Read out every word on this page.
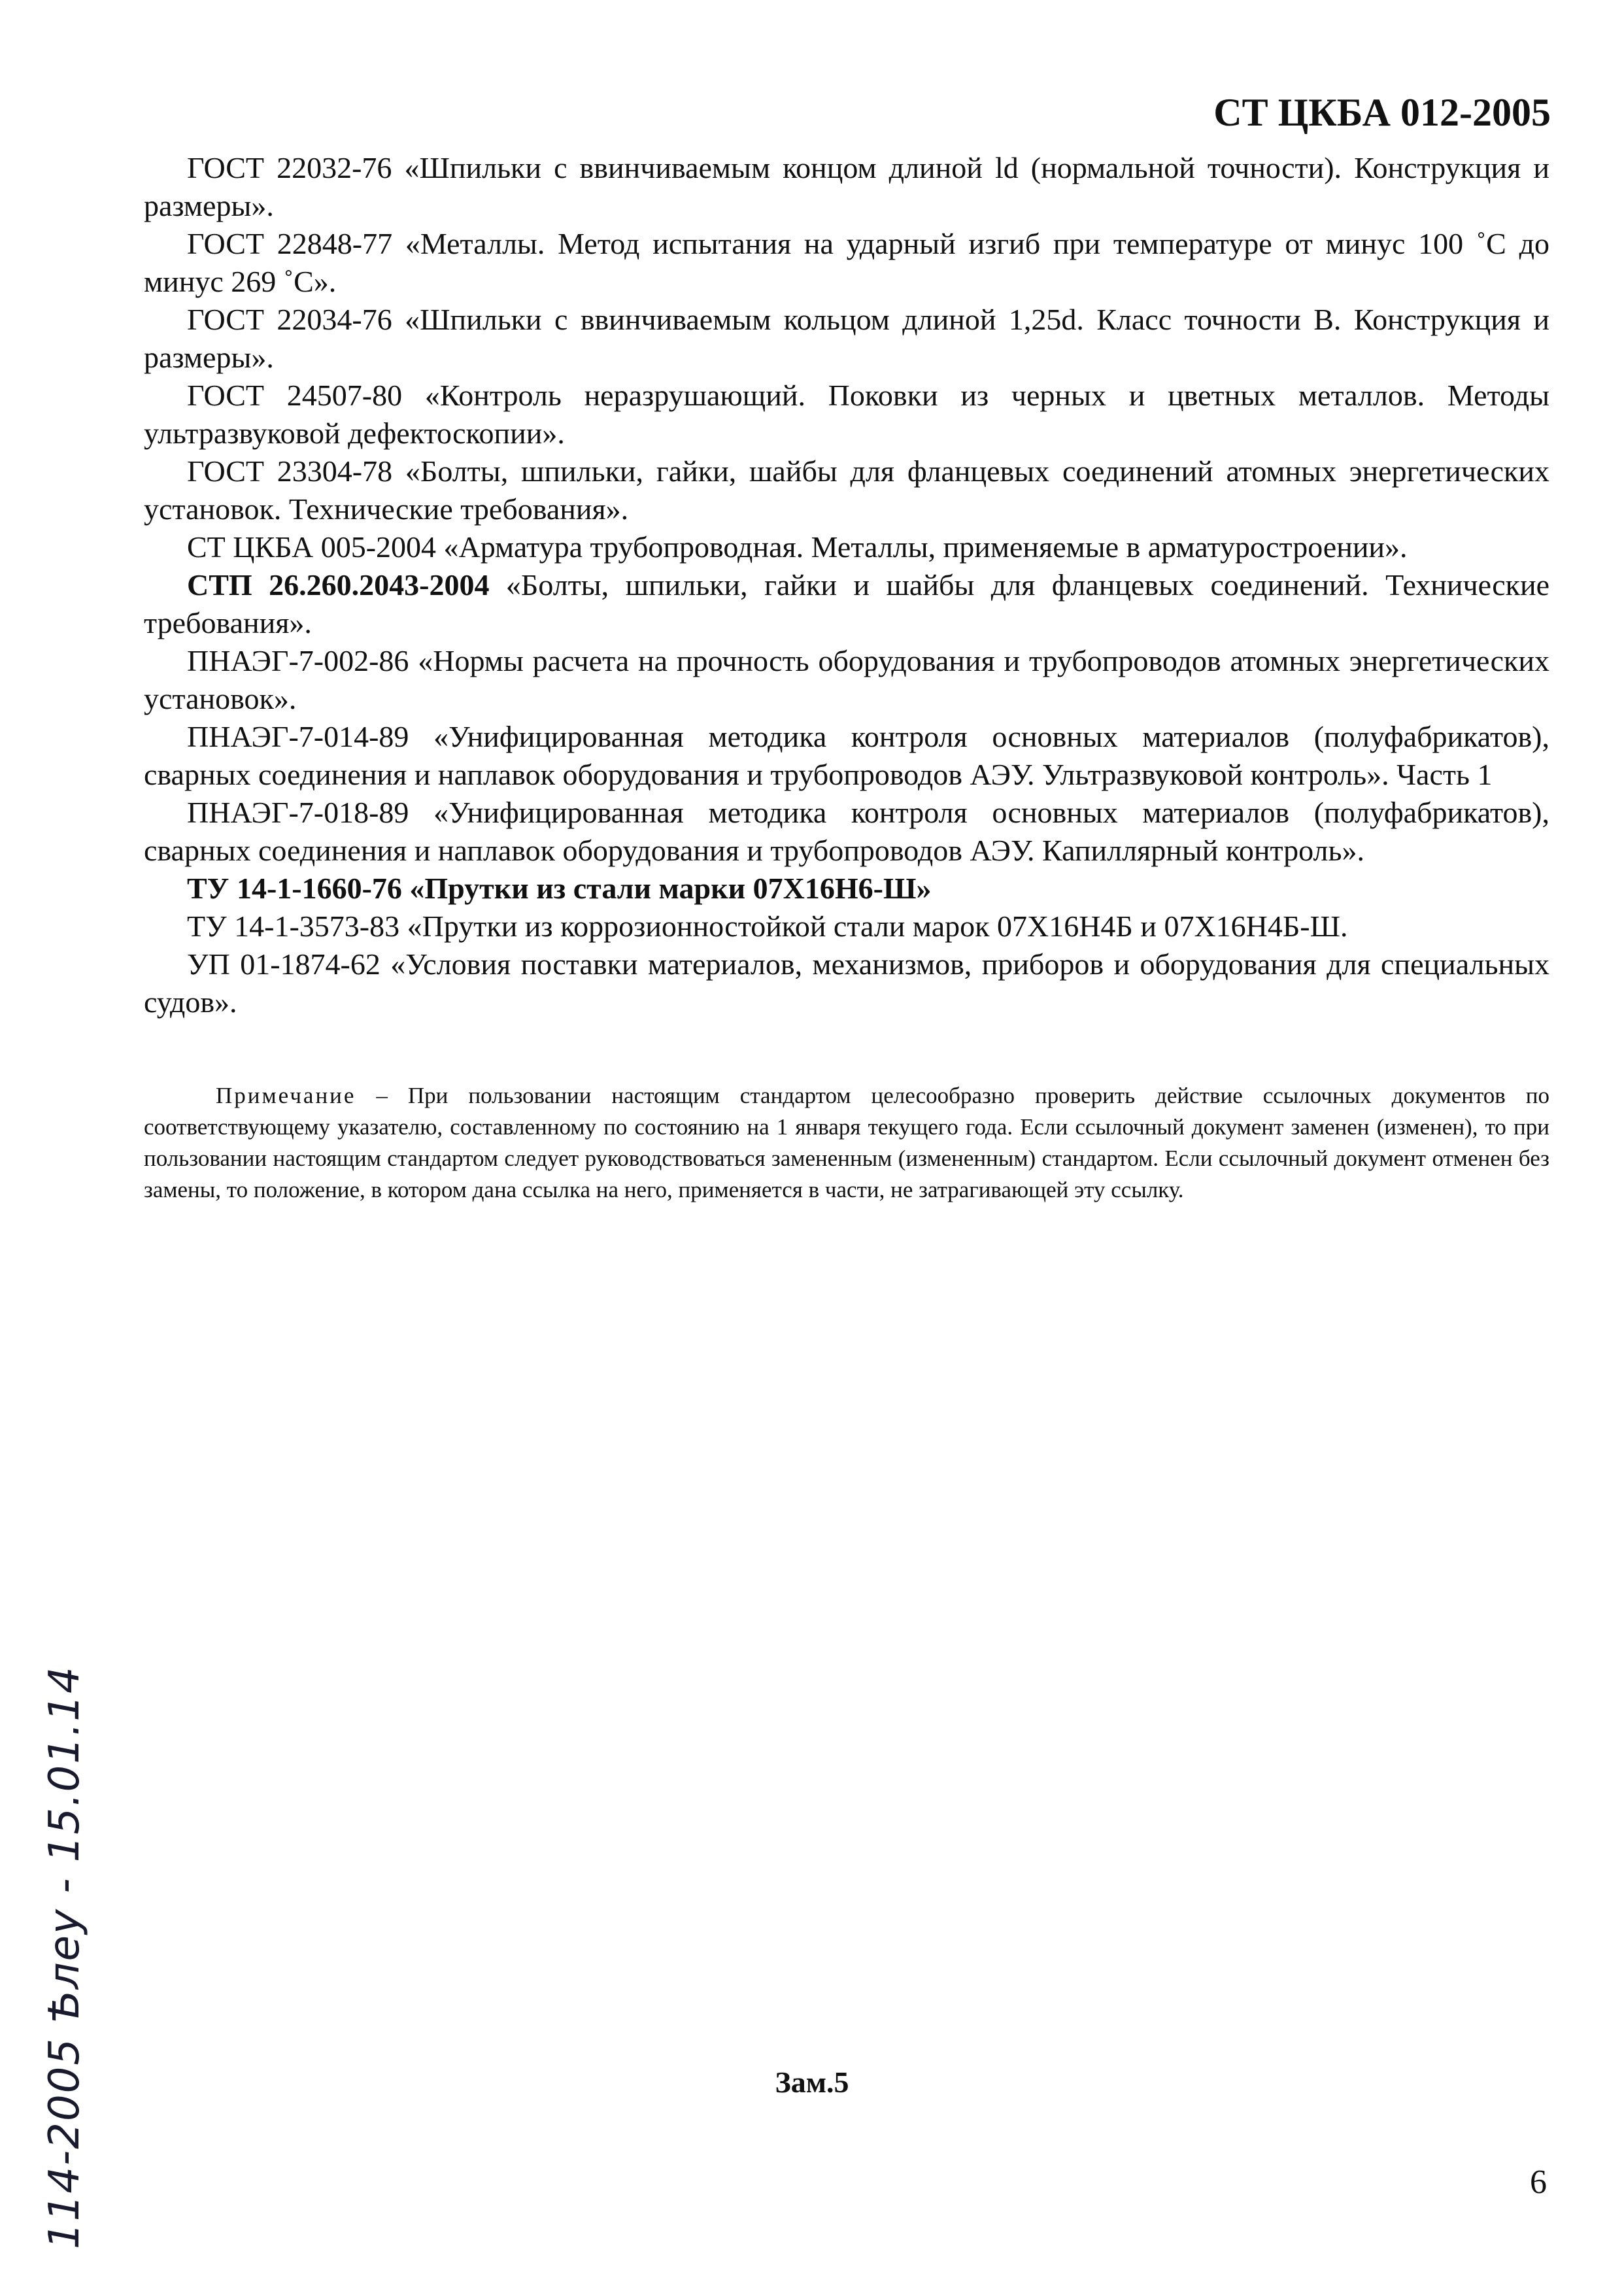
СТ ЦКБА 012-2005

ГОСТ 22032-76 «Шпильки с ввинчиваемым концом длиной ld (нормальной точности). Конструкция и размеры».

ГОСТ 22848-77 «Металлы. Метод испытания на ударный изгиб при температуре от минус 100 ˚С до минус 269 ˚С».

ГОСТ 22034-76 «Шпильки с ввинчиваемым кольцом длиной 1,25d. Класс точности В. Конструкция и размеры».

ГОСТ 24507-80 «Контроль неразрушающий. Поковки из черных и цветных металлов. Методы ультразвуковой дефектоскопии».

ГОСТ 23304-78 «Болты, шпильки, гайки, шайбы для фланцевых соединений атомных энергетических установок. Технические требования».

СТ ЦКБА 005-2004 «Арматура трубопроводная. Металлы, применяемые в арматуростроении».

СТП 26.260.2043-2004 «Болты, шпильки, гайки и шайбы для фланцевых соединений. Технические требования».

ПНАЭГ-7-002-86 «Нормы расчета на прочность оборудования и трубопроводов атомных энергетических установок».

ПНАЭГ-7-014-89 «Унифицированная методика контроля основных материалов (полуфабрикатов), сварных соединения и наплавок оборудования и трубопроводов АЭУ. Ультразвуковой контроль». Часть 1

ПНАЭГ-7-018-89 «Унифицированная методика контроля основных материалов (полуфабрикатов), сварных соединения и наплавок оборудования и трубопроводов АЭУ. Капиллярный контроль».

ТУ 14-1-1660-76 «Прутки из стали марки 07Х16Н6-Ш»

ТУ 14-1-3573-83 «Прутки из коррозионностойкой стали марок 07Х16Н4Б и 07Х16Н4Б-Ш.

УП 01-1874-62 «Условия поставки материалов, механизмов, приборов и оборудования для специальных судов».

Примечание – При пользовании настоящим стандартом целесообразно проверить действие ссылочных документов по соответствующему указателю, составленному по состоянию на 1 января текущего года. Если ссылочный документ заменен (изменен), то при пользовании настоящим стандартом следует руководствоваться замененным (измененным) стандартом. Если ссылочный документ отменен без замены, то положение, в котором дана ссылка на него, применяется в части, не затрагивающей эту ссылку.

Зам.5
6
114-2005 Ѣлеу - 15.01.14
